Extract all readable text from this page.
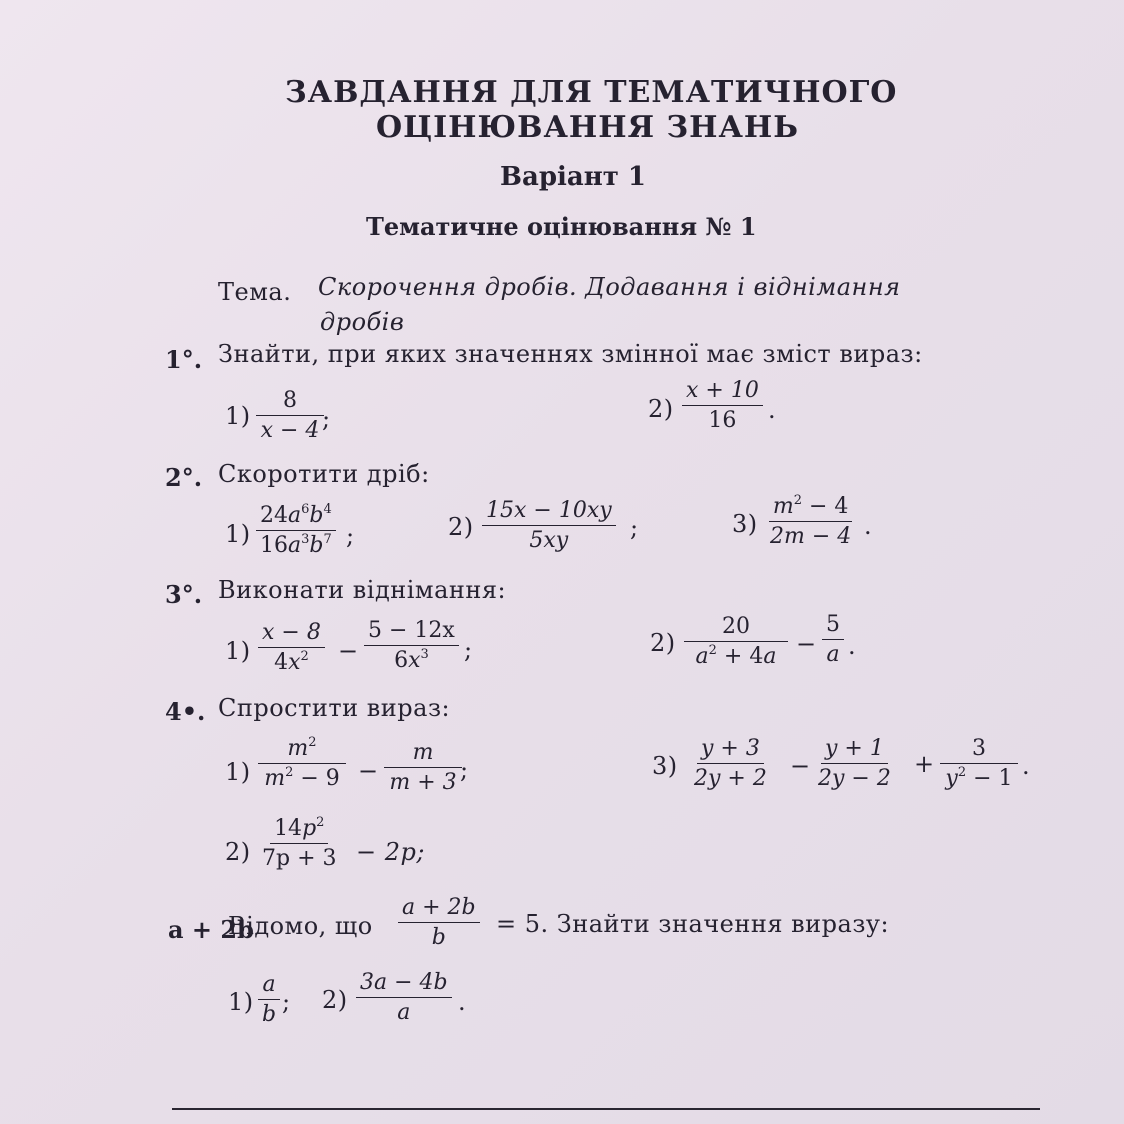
ЗАВДАННЯ ДЛЯ ТЕМАТИЧНОГО
ОЦІНЮВАННЯ ЗНАНЬ
Варіант 1
Тематичне оцінювання № 1
Тема. Скорочення дробів. Додавання і віднімання
дробів
1°. Знайти, при яких значеннях змінної має зміст вираз:
$1) \frac{8}{x - 4}$
;	$2) \frac{x + 10}{16}$ .
2°. Скоротити дріб:
$1) \frac{24a^6b^4}{16a^3b^7}$ ;	$2) \frac{15x - 10xy}{5xy}$ ;	$3) \frac{m^2 - 4}{2m - 4}$ .
3°. Виконати віднімання:
$1) \frac{x - 8}{4x^2} - \frac{5 - 12x}{6x^3}$ ;	$2) \frac{20}{a^2 + 4a} - \frac{5}{a}$ .
4•. Спростити вираз:
$1) \frac{m^2}{m^2 - 9} - \frac{m}{m + 3}$
;
$2) \frac{14p^2}{7p + 3} - 2p$;
$3) \frac{y + 3}{2y + 2} - \frac{y + 1}{2y - 2} + \frac{3}{y^2 - 1}$ .
a + 2b
Відомо, що $\frac{a + 2b}{b} = 5$. Знайти значення виразу:
$1) \frac{a}{b}$ ; $2) \frac{3a - 4b}{a}$ .
